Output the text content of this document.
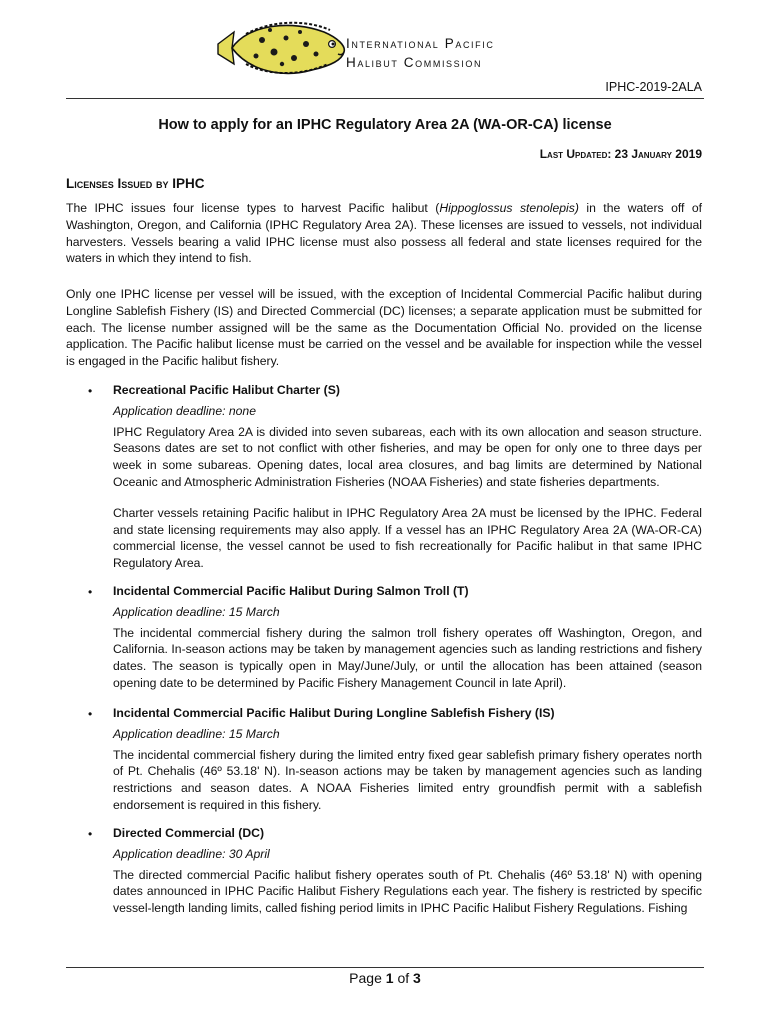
International Pacific
Halibut Commission
IPHC-2019-2ALA
How to apply for an IPHC Regulatory Area 2A (WA-OR-CA) license
Last Updated: 23 January 2019
Licenses Issued by IPHC

The IPHC issues four license types to harvest Pacific halibut (Hippoglossus stenolepis) in the waters off of Washington, Oregon, and California (IPHC Regulatory Area 2A). These licenses are issued to vessels, not individual harvesters. Vessels bearing a valid IPHC license must also possess all federal and state licenses required for the waters in which they intend to fish.

Only one IPHC license per vessel will be issued, with the exception of Incidental Commercial Pacific halibut during Longline Sablefish Fishery (IS) and Directed Commercial (DC) licenses; a separate application must be submitted for each. The license number assigned will be the same as the Documentation Official No. provided on the license application. The Pacific halibut license must be carried on the vessel and be available for inspection while the vessel is engaged in the Pacific halibut fishery.

• Recreational Pacific Halibut Charter (S)
Application deadline: none

IPHC Regulatory Area 2A is divided into seven subareas, each with its own allocation and season structure. Seasons dates are set to not conflict with other fisheries, and may be open for only one to three days per week in some subareas. Opening dates, local area closures, and bag limits are determined by National Oceanic and Atmospheric Administration Fisheries (NOAA Fisheries) and state fisheries departments.

Charter vessels retaining Pacific halibut in IPHC Regulatory Area 2A must be licensed by the IPHC. Federal and state licensing requirements may also apply. If a vessel has an IPHC Regulatory Area 2A (WA-OR-CA) commercial license, the vessel cannot be used to fish recreationally for Pacific halibut in that same IPHC Regulatory Area.

• Incidental Commercial Pacific Halibut During Salmon Troll (T)
Application deadline: 15 March

The incidental commercial fishery during the salmon troll fishery operates off Washington, Oregon, and California. In-season actions may be taken by management agencies such as landing restrictions and fishery dates. The season is typically open in May/June/July, or until the allocation has been attained (season opening date to be determined by Pacific Fishery Management Council in late April).

• Incidental Commercial Pacific Halibut During Longline Sablefish Fishery (IS)
Application deadline: 15 March

The incidental commercial fishery during the limited entry fixed gear sablefish primary fishery operates north of Pt. Chehalis (46º 53.18' N). In-season actions may be taken by management agencies such as landing restrictions and season dates. A NOAA Fisheries limited entry groundfish permit with a sablefish endorsement is required in this fishery.

• Directed Commercial (DC)
Application deadline: 30 April

The directed commercial Pacific halibut fishery operates south of Pt. Chehalis (46º 53.18' N) with opening dates announced in IPHC Pacific Halibut Fishery Regulations each year. The fishery is restricted by specific vessel-length landing limits, called fishing period limits in IPHC Pacific Halibut Fishery Regulations. Fishing

Page 1 of 3
